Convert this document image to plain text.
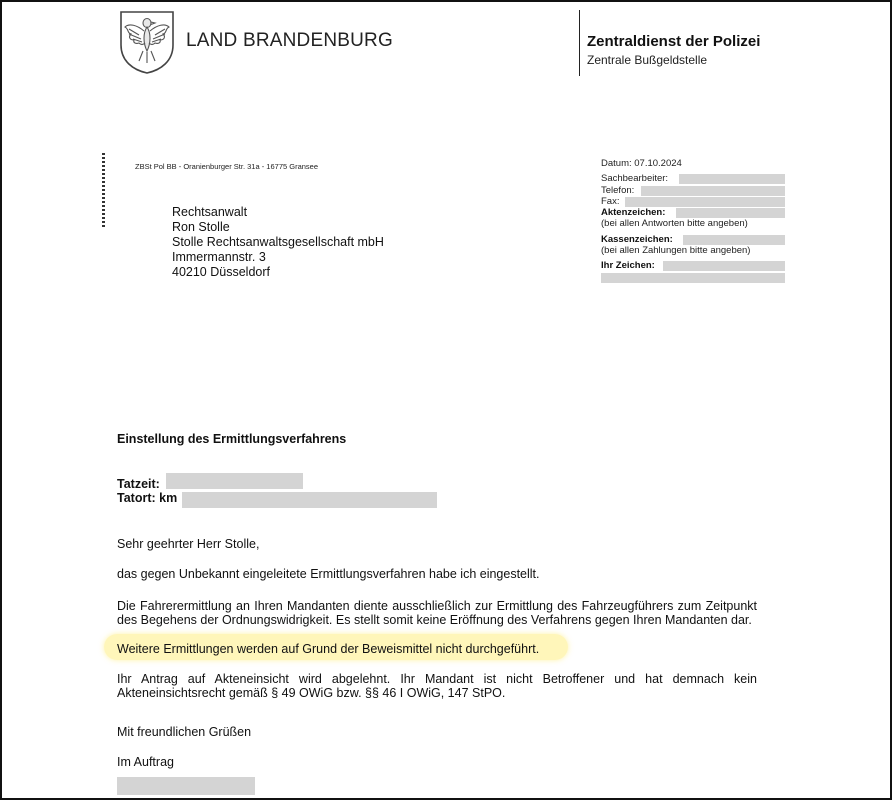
LAND BRANDENBURG	Zentraldienst der Polizei
Zentrale Bußgeldstelle
ZBSt Pol BB - Oranienburger Str. 31a - 16775 Gransee
Rechtsanwalt
Ron Stolle
Stolle Rechtsanwaltsgesellschaft mbH
Immermannstr. 3
40210 Düsseldorf
Datum: 07.10.2024
Sachbearbeiter:
Telefon:
Fax:
Aktenzeichen:
(bei allen Antworten bitte angeben)
Kassenzeichen:
(bei allen Zahlungen bitte angeben)
Ihr Zeichen:
Einstellung des Ermittlungsverfahrens
Tatzeit:
Tatort: km
Sehr geehrter Herr Stolle,
das gegen Unbekannt eingeleitete Ermittlungsverfahren habe ich eingestellt.
Die Fahrerermittlung an Ihren Mandanten diente ausschließlich zur Ermittlung des Fahrzeugführers zum Zeitpunkt des Begehens der Ordnungswidrigkeit. Es stellt somit keine Eröffnung des Verfahrens gegen Ihren Mandanten dar.
Weitere Ermittlungen werden auf Grund der Beweismittel nicht durchgeführt.
Ihr Antrag auf Akteneinsicht wird abgelehnt. Ihr Mandant ist nicht Betroffener und hat demnach kein Akteneinsichtsrecht gemäß § 49 OWiG bzw. §§ 46 I OWiG, 147 StPO.
Mit freundlichen Grüßen
Im Auftrag
